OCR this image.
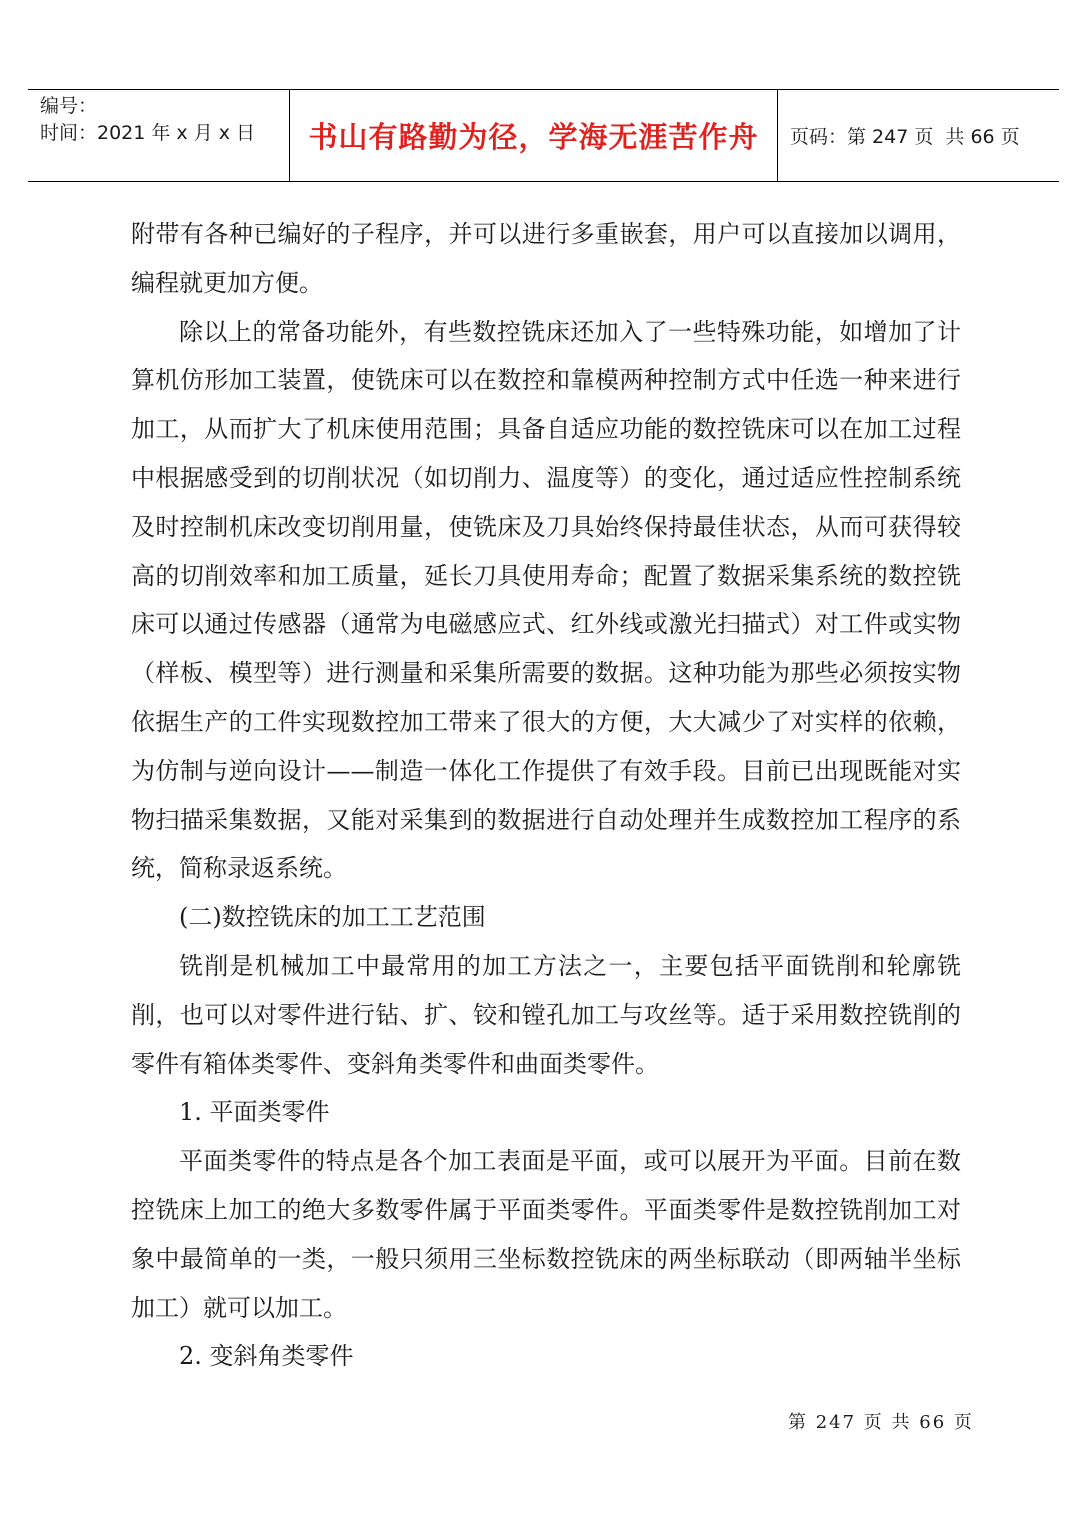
编号：
时间：2021 年 x 月 x 日	书山有路勤为径，学海无涯苦作舟 页码：第 247 页  共 66 页

附带有各种已编好的子程序，并可以进行多重嵌套，用户可以直接加以调用，编程就更加方便。

除以上的常备功能外，有些数控铣床还加入了一些特殊功能，如增加了计算机仿形加工装置，使铣床可以在数控和靠模两种控制方式中任选一种来进行加工，从而扩大了机床使用范围；具备自适应功能的数控铣床可以在加工过程中根据感受到的切削状况（如切削力、温度等）的变化，通过适应性控制系统及时控制机床改变切削用量，使铣床及刀具始终保持最佳状态，从而可获得较高的切削效率和加工质量，延长刀具使用寿命；配置了数据采集系统的数控铣床可以通过传感器（通常为电磁感应式、红外线或激光扫描式）对工件或实物（样板、模型等）进行测量和采集所需要的数据。这种功能为那些必须按实物依据生产的工件实现数控加工带来了很大的方便，大大减少了对实样的依赖，为仿制与逆向设计——制造一体化工作提供了有效手段。目前已出现既能对实物扫描采集数据，又能对采集到的数据进行自动处理并生成数控加工程序的系统，简称录返系统。

(二)数控铣床的加工工艺范围

铣削是机械加工中最常用的加工方法之一，主要包括平面铣削和轮廓铣削，也可以对零件进行钻、扩、铰和镗孔加工与攻丝等。适于采用数控铣削的零件有箱体类零件、变斜角类零件和曲面类零件。

1. 平面类零件

平面类零件的特点是各个加工表面是平面，或可以展开为平面。目前在数控铣床上加工的绝大多数零件属于平面类零件。平面类零件是数控铣削加工对象中最简单的一类，一般只须用三坐标数控铣床的两坐标联动（即两轴半坐标加工）就可以加工。

2. 变斜角类零件

第 247 页 共 66 页
